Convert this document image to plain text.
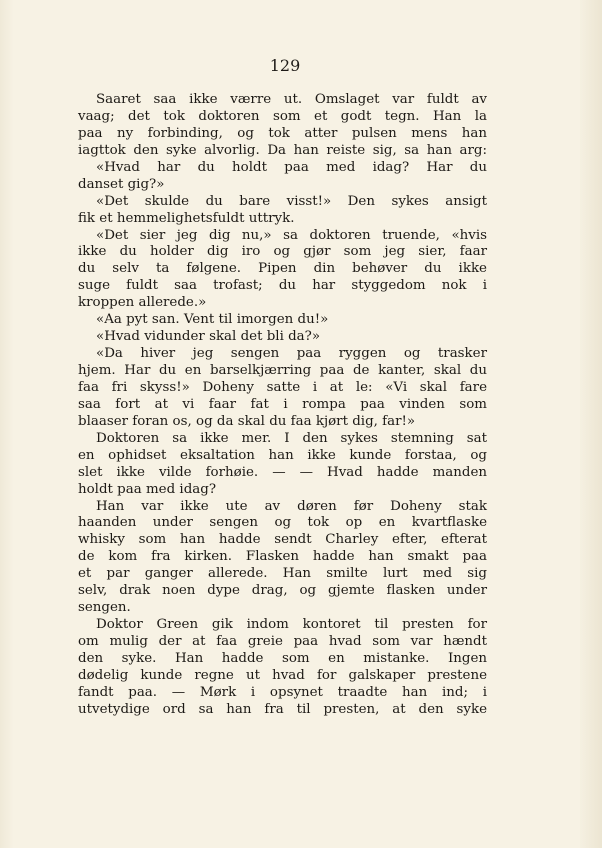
129
Saaret saa ikke værre ut. Omslaget var fuldt av
vaag; det tok doktoren som et godt tegn. Han la
paa ny forbinding, og tok atter pulsen mens han
iagttok den syke alvorlig. Da han reiste sig, sa han arg:
«Hvad har du holdt paa med idag? Har du
danset gig?»
«Det skulde du bare visst!» Den sykes ansigt
fik et hemmelighetsfuldt uttryk.
«Det sier jeg dig nu,» sa doktoren truende, «hvis
ikke du holder dig iro og gjør som jeg sier, faar
du selv ta følgene. Pipen din behøver du ikke
suge fuldt saa trofast; du har styggedom nok i
kroppen allerede.»
«Aa pyt san. Vent til imorgen du!»
«Hvad vidunder skal det bli da?»
«Da hiver jeg sengen paa ryggen og trasker
hjem. Har du en barselkjærring paa de kanter, skal du
faa fri skyss!» Doheny satte i at le: «Vi skal fare
saa fort at vi faar fat i rompa paa vinden som
blaaser foran os, og da skal du faa kjørt dig, far!»
Doktoren sa ikke mer. I den sykes stemning sat
en ophidset eksaltation han ikke kunde forstaa, og
slet ikke vilde forhøie. — — Hvad hadde manden
holdt paa med idag?
Han var ikke ute av døren før Doheny stak
haanden under sengen og tok op en kvartflaske
whisky som han hadde sendt Charley efter, efterat
de kom fra kirken. Flasken hadde han smakt paa
et par ganger allerede. Han smilte lurt med sig
selv, drak noen dype drag, og gjemte flasken under
sengen.
Doktor Green gik indom kontoret til presten for
om mulig der at faa greie paa hvad som var hændt
den syke. Han hadde som en mistanke. Ingen
dødelig kunde regne ut hvad for galskaper prestene
fandt paa. — Mørk i opsynet traadte han ind; i
utvetydige ord sa han fra til presten, at den syke
